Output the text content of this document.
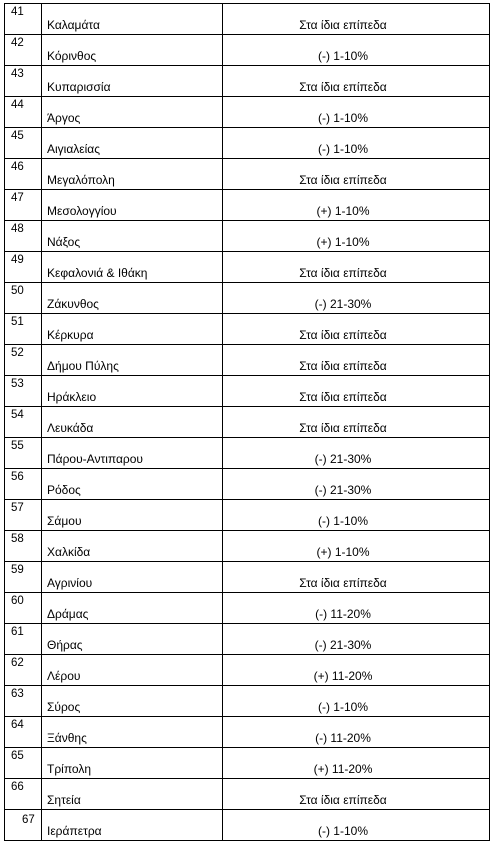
41	Καλαμάτα	Στα ίδια επίπεδα

42	Κόρινθος	(-) 1-10%

43	Κυπαρισσία	Στα ίδια επίπεδα

44	Άργος	(-) 1-10%

45	Αιγιαλείας	(-) 1-10%

46	Μεγαλόπολη	Στα ίδια επίπεδα

47	Μεσολογγίου	(+) 1-10%

48	Νάξος	(+) 1-10%

49	Κεφαλονιά & Ιθάκη	Στα ίδια επίπεδα

50	Ζάκυνθος	(-) 21-30%

51	Κέρκυρα	Στα ίδια επίπεδα

52	Δήμου Πύλης	Στα ίδια επίπεδα

53	Ηράκλειο	Στα ίδια επίπεδα

54	Λευκάδα	Στα ίδια επίπεδα

55	Πάρου-Αντιπαρου	(-) 21-30%

56	Ρόδος	(-) 21-30%

57	Σάμου	(-) 1-10%

58	Χαλκίδα	(+) 1-10%

59	Αγρινίου	Στα ίδια επίπεδα

60	Δράμας	(-) 11-20%

61	Θήρας	(-) 21-30%

62	Λέρου	(+) 11-20%

63	Σύρος	(-) 1-10%

64	Ξάνθης	(-) 11-20%

65	Τρίπολη	(+) 11-20%

66	Σητεία	Στα ίδια επίπεδα

67	Ιεράπετρα	(-) 1-10%
